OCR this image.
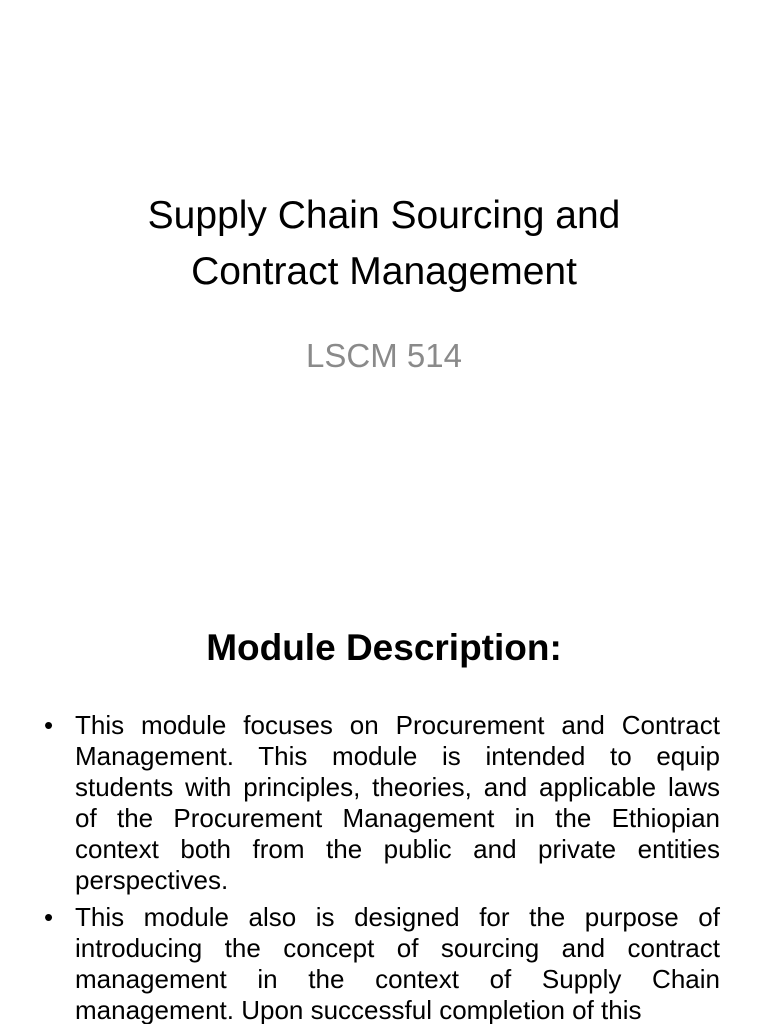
Supply Chain Sourcing and
Contract Management
LSCM 514
Module Description:
• This module focuses on Procurement and Contract Management. This module is intended to equip students with principles, theories, and applicable laws of the Procurement Management in the Ethiopian context both from the public and private entities perspectives.
• This module also is designed for the purpose of introducing the concept of sourcing and contract management in the context of Supply Chain management. Upon successful completion of this
